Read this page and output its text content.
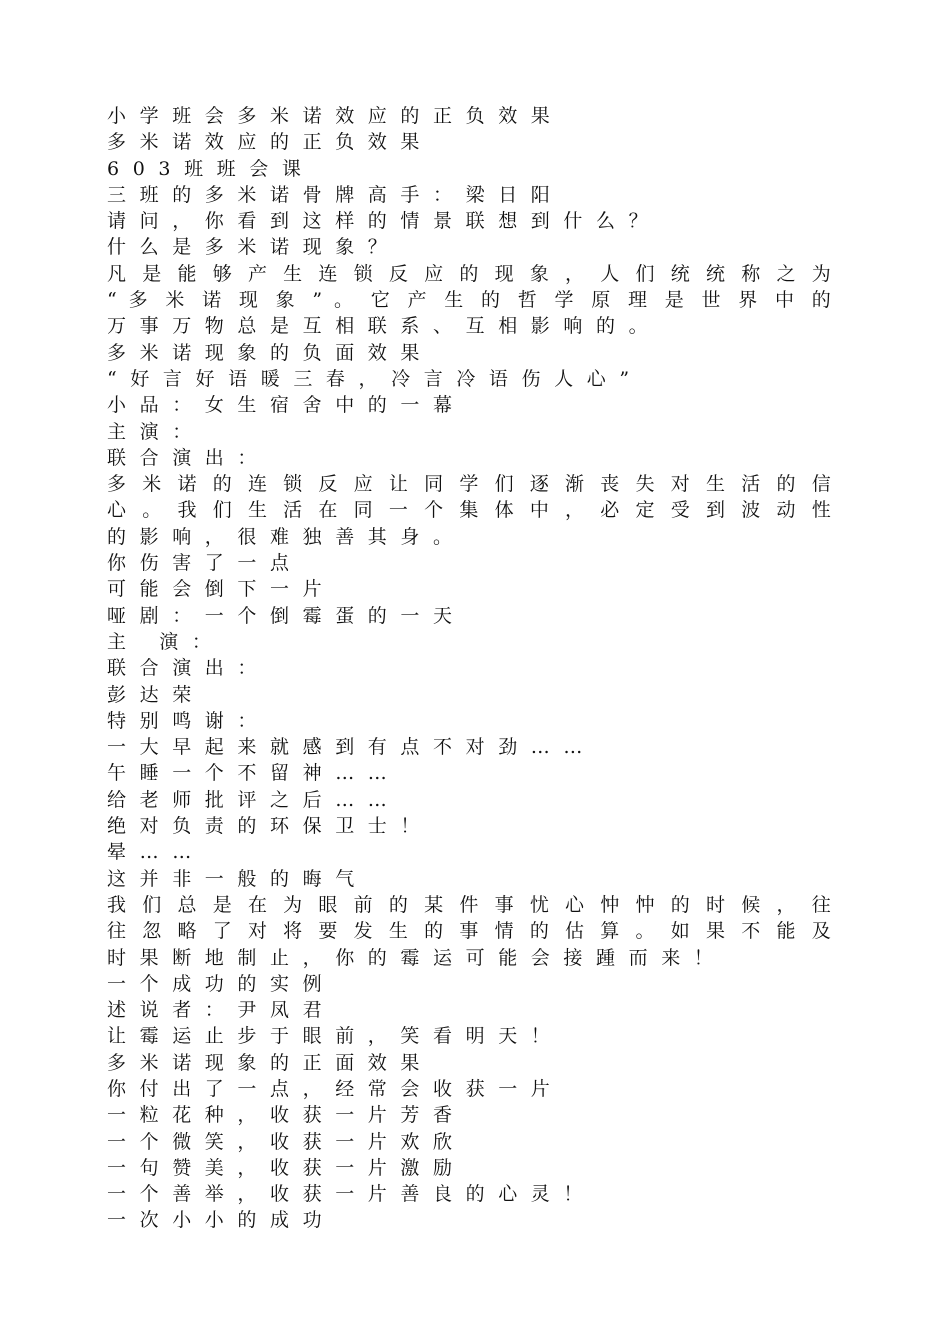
小学班会多米诺效应的正负效果
多米诺效应的正负效果
603班班会课
三班的多米诺骨牌高手：梁日阳
请问，你看到这样的情景联想到什么？
什么是多米诺现象？
凡 是 能 够 产 生 连 锁 反 应 的 现 象 ， 人 们 统 统 称 之 为
“ 多 米 诺 现 象 ” 。 它 产 生 的 哲 学 原 理 是 世 界 中 的
万事万物总是互相联系、互相影响的。
多米诺现象的负面效果
“好言好语暖三春，冷言冷语伤人心”
小品：女生宿舍中的一幕
主演：
联合演出：
多 米 诺 的 连 锁 反 应 让 同 学 们 逐 渐 丧 失 对 生 活 的 信
心 。 我 们 生 活 在 同 一 个 集 体 中 ， 必 定 受 到 波 动 性
的影响，很难独善其身。
你伤害了一点
可能会倒下一片
哑剧：一个倒霉蛋的一天
主 演：
联合演出：
彭达荣
特别鸣谢：
一大早起来就感到有点不对劲……
午睡一个不留神……
给老师批评之后……
绝对负责的环保卫士！
晕……
这并非一般的晦气
我 们 总 是 在 为 眼 前 的 某 件 事 忧 心 忡 忡 的 时 候 ， 往
往 忽 略 了 对 将 要 发 生 的 事 情 的 估 算 。 如 果 不 能 及
时果断地制止，你的霉运可能会接踵而来！
一个成功的实例
述说者：尹凤君
让霉运止步于眼前，笑看明天！
多米诺现象的正面效果
你付出了一点，经常会收获一片
一粒花种，收获一片芳香
一个微笑，收获一片欢欣
一句赞美，收获一片激励
一个善举，收获一片善良的心灵！
一次小小的成功
